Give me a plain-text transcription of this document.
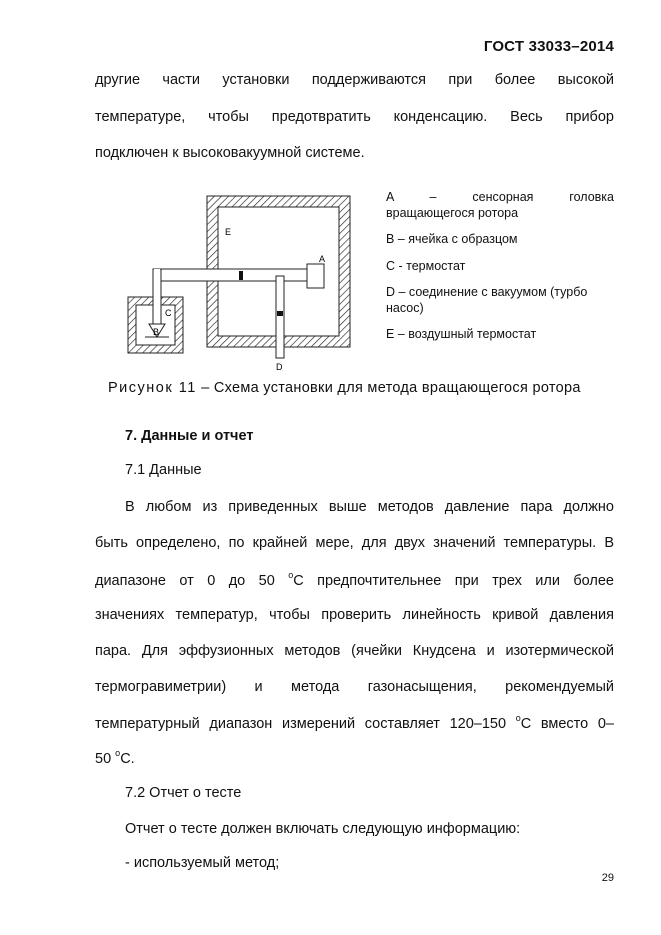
ГОСТ 33033–2014
другие части установки поддерживаются при более высокой
температуре, чтобы предотвратить конденсацию. Весь прибор
подключен к высоковакуумной системе.
E
A
C
B
D
A – сенсорная головка
вращающегося ротора
B – ячейка с образцом
C - термостат
D – соединение с вакуумом (турбо
насос)
E – воздушный термостат
Рисунок 11 – Схема установки для метода вращающегося ротора
7. Данные и отчет
7.1 Данные
В любом из приведенных выше методов давление пара должно
быть определено, по крайней мере, для двух значений температуры. В
диапазоне от 0 до 50 $^o$С предпочтительнее при трех или более
значениях температур, чтобы проверить линейность кривой давления
пара. Для эффузионных методов (ячейки Кнудсена и изотермической
термогравиметрии) и метода газонасыщения, рекомендуемый
температурный диапазон измерений составляет 120–150 $^o$С вместо 0–
50 $^o$С.
7.2 Отчет о тесте
Отчет о тесте должен включать следующую информацию:
- используемый метод;
29
